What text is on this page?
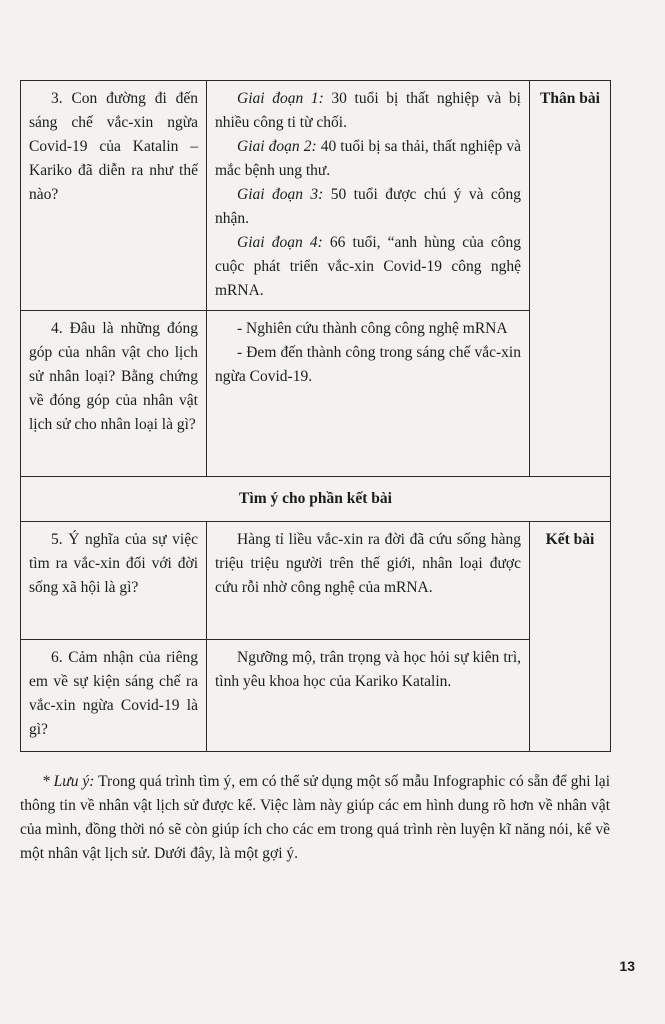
3. Con đường đi đến sáng chế vắc-xin ngừa Covid-19 của Katalin – Kariko đã diễn ra như thế nào?	Giai đoạn 1: 30 tuổi bị thất nghiệp và bị nhiều công ti từ chối.

Giai đoạn 2: 40 tuổi bị sa thải, thất nghiệp và mắc bệnh ung thư.

Giai đoạn 3: 50 tuổi được chú ý và công nhận.

Giai đoạn 4: 66 tuổi, “anh hùng của công cuộc phát triển vắc-xin Covid-19 công nghệ mRNA.	Thân bài
4. Đâu là những đóng góp của nhân vật cho lịch sử nhân loại? Bằng chứng về đóng góp của nhân vật lịch sử cho nhân loại là gì?	- Nghiên cứu thành công công nghệ mRNA

- Đem đến thành công trong sáng chế vắc-xin ngừa Covid-19.	

Tìm ý cho phần kết bài		
5. Ý nghĩa của sự việc tìm ra vắc-xin đối với đời sống xã hội là gì?	Hàng tỉ liều vắc-xin ra đời đã cứu sống hàng triệu triệu người trên thế giới, nhân loại được cứu rỗi nhờ công nghệ của mRNA.	Kết bài
6. Cảm nhận của riêng em về sự kiện sáng chế ra vắc-xin ngừa Covid-19 là gì?	Ngưỡng mộ, trân trọng và học hỏi sự kiên trì, tình yêu khoa học của Kariko Katalin.	

* Lưu ý: Trong quá trình tìm ý, em có thể sử dụng một số mẫu Infographic có sẵn để ghi lại thông tin về nhân vật lịch sử được kể. Việc làm này giúp các em hình dung rõ hơn về nhân vật của mình, đồng thời nó sẽ còn giúp ích cho các em trong quá trình rèn luyện kĩ năng nói, kể về một nhân vật lịch sử. Dưới đây, là một gợi ý.

13
